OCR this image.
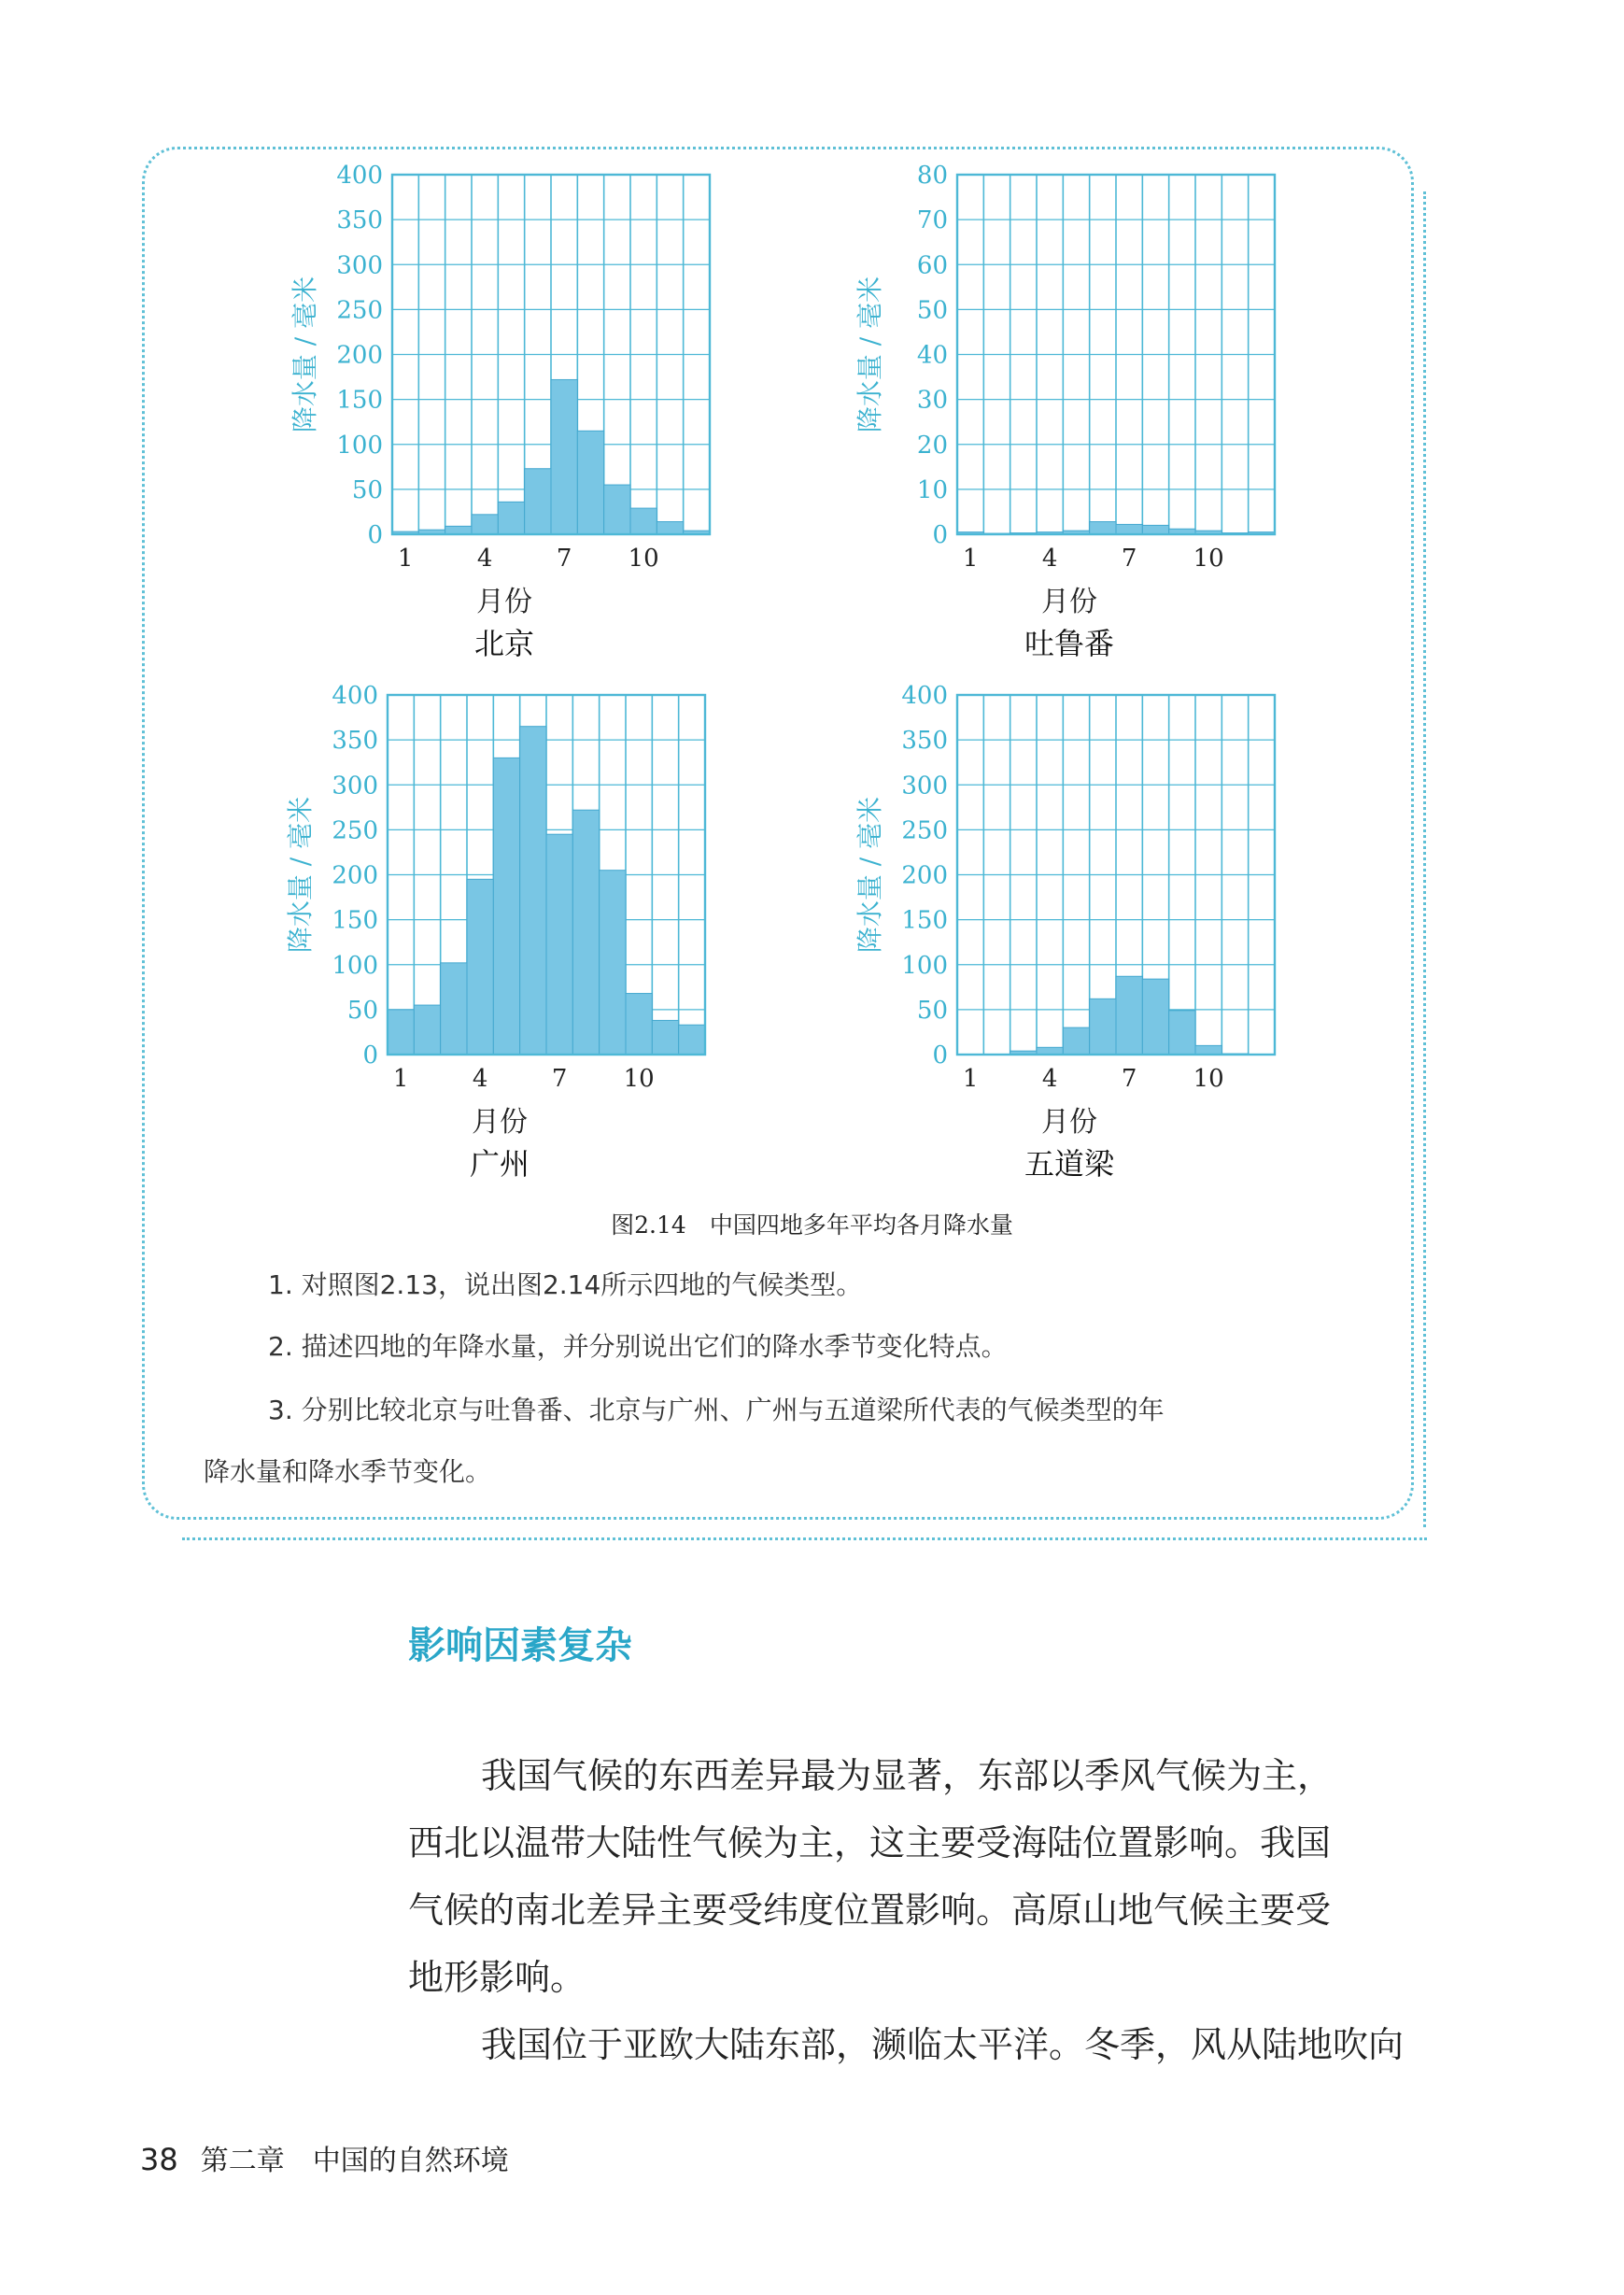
0
50
100
150
200
250
300
350
400
1	4	7 10
降水量 / 毫米
月份
北京
0
10
20
30
40
50
60
70
80
1	4	7 10
降水量 / 毫米
月份
吐鲁番
0
50
100
150
200
250
300
350
400
1	4	7 10
降水量 / 毫米
月份
广州
0
50
100
150
200
250
300
350
400
1	4	7 10
降水量 / 毫米
月份
五道梁
图2.14　中国四地多年平均各月降水量
1. 对照图2.13，说出图2.14所示四地的气候类型。
2. 描述四地的年降水量，并分别说出它们的降水季节变化特点。
3. 分别比较北京与吐鲁番、北京与广州、广州与五道梁所代表的气候类型的年
降水量和降水季节变化。
影响因素复杂
我国气候的东西差异最为显著，东部以季风气候为主，
西北以温带大陆性气候为主，这主要受海陆位置影响。我国
气候的南北差异主要受纬度位置影响。高原山地气候主要受
地形影响。
我国位于亚欧大陆东部，濒临太平洋。冬季，风从陆地吹向
38 第二章　中国的自然环境
